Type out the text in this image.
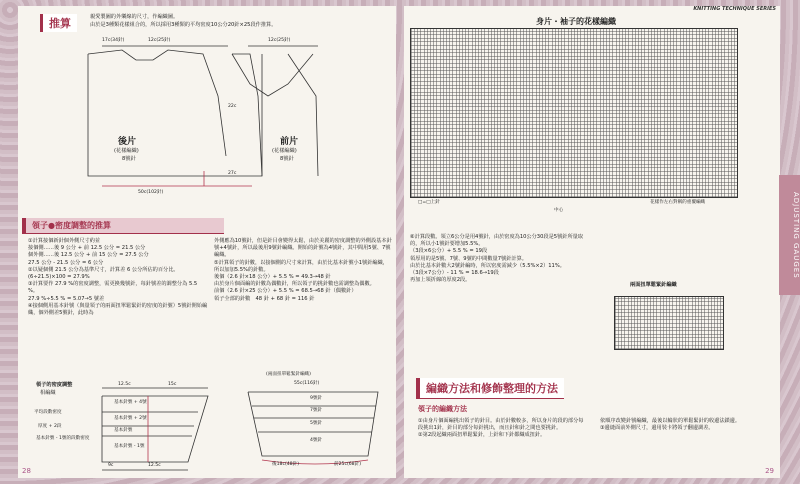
推算	親愛製圖的外樂線的尺寸，作編織圖。
由於是3種類花樣組合的，所以採用3種類的平均密度10公分20針×25段作推算。
17c(34針)	12c(25針)	12c(25針)
22c
27c
後片
(花樣編織)
8號針
前片
(花樣編織)
8號針
50c(102針)
領子●密度調整的推算
①計算接個新針個外側尺寸約並
接個側……後 9 公分 + 前 12.5 公分 = 21.5 公分
個外側……後 12.5 公分 + 前 15 公分 = 27.5 公分
27.5 公分 - 21.5 公分 = 6 公分
②以疑個側 21.5 公分為基準尺寸，計算差 6 公分所佔的百分比。
(6÷21.5)×100 = 27.9%
③計算要作 27.9 %的密度調整，需更換幾號針，每針號差的調整分為 5.5 %。
27.9 %÷5.5 % = 5.07→5 號差
④接個側用基本針號（與量領子的兩面扭單鬆緊針的密度的針號）5號針開始編織，個外側差5號針，此時為
外側應為10號針，但是針目會變得太鬆，由於美麗的密度調整的外側設基本針號+4號針，所以最後用9號針編織。開始的針號為4號針，其中間用5號、7號編織。
⑤計算領子的針數，以接個側的尺寸來計算，由於比基本針號小1號針編織，所以加加5.5%的針數。
後個（2.6 針×18 公分）+ 5.5 % = 49.3→48 針
由於身片個面編的針數為偶數針，所以領子的挑針數也需調整為偶數。
前個（2.6 針×25 公分）+ 5.5 % = 68.5→68 針（偶數針）
領子全部的針數　48 針 + 68 針 = 116 針
領子的密度調整
相編織
平均段數密度
厚度 + 2段
基本針號 - 1號的段數密度
12.5c	15c
9c	12.5c
基本針號 + 4號
基本針號 + 2號
基本針號
基本針號 - 1號
(兩面扭單鬆緊針編織)
55c(116針)
9號針
7號針
5號針
4號針
後18c(48針)	前25c(68針)
28
KNITTING TECHNIQUE SERIES
身片・袖子的花樣編織
□=□上針
中心
花樣作左右對稱的重覆編織
⑥計算段數。領立6公分是用4號針，由於密度為10公分30段是5號針所量取的，所以小1號針要增加5.5%。
（3段×6公分）+ 5.5 % = 19段
領厚用的是5號、7號、9號的中間數量7號針計算。
由於比基本針數大2號針編時，所以密度需減少（5.5%×2）11%。
（3段×7公分）- 11 % = 18.6→19段
再加上領折線的厚度2段。
兩面扭單鬆緊針編織
編織方法和修飾整理的方法
領子的編織方法
①由身片個面編挑出領子的針目。由於針數較多，所以身片的段的部分每段挑出1針，針目的部分每針挑出，而且針和針之間也要挑針。
②第2段起織兩面扭單鬆緊針，上針和下針都織成扭針。
依順序改變針號編織，最後以輪狀的單鬆緊針的收邊法鎖邊。
③邊縫面前外側尺寸，邊用裝卡將領子翻邊調差。
29
ADJUSTING GAUGES
